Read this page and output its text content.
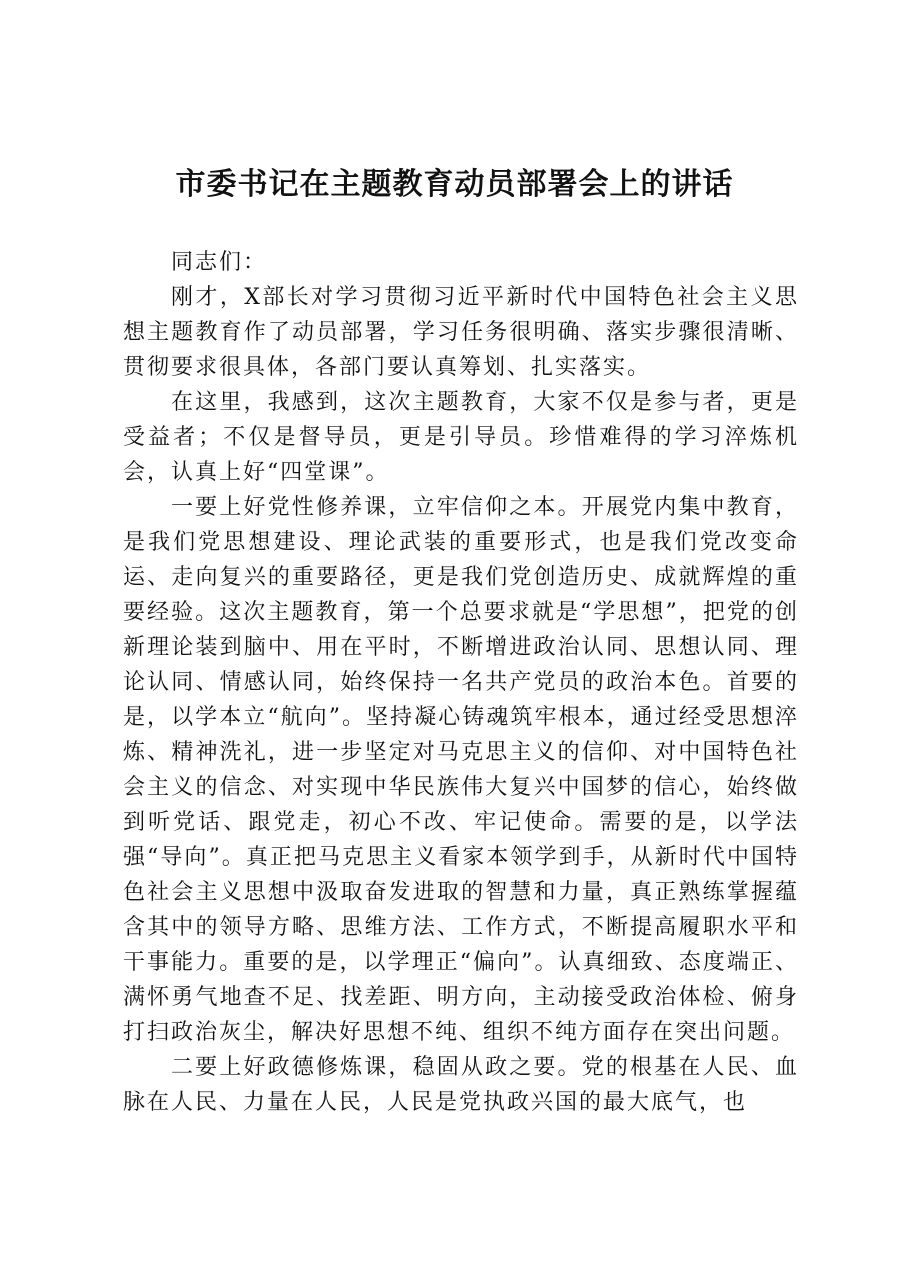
市委书记在主题教育动员部署会上的讲话

同志们：

刚才，X部长对学习贯彻习近平新时代中国特色社会主义思想主题教育作了动员部署，学习任务很明确、落实步骤很清晰、贯彻要求很具体，各部门要认真筹划、扎实落实。

在这里，我感到，这次主题教育，大家不仅是参与者，更是受益者；不仅是督导员，更是引导员。珍惜难得的学习淬炼机会，认真上好“四堂课”。

一要上好党性修养课，立牢信仰之本。开展党内集中教育，是我们党思想建设、理论武装的重要形式，也是我们党改变命运、走向复兴的重要路径，更是我们党创造历史、成就辉煌的重要经验。这次主题教育，第一个总要求就是“学思想”，把党的创新理论装到脑中、用在平时，不断增进政治认同、思想认同、理论认同、情感认同，始终保持一名共产党员的政治本色。首要的是，以学本立“航向”。坚持凝心铸魂筑牢根本，通过经受思想淬炼、精神洗礼，进一步坚定对马克思主义的信仰、对中国特色社会主义的信念、对实现中华民族伟大复兴中国梦的信心，始终做到听党话、跟党走，初心不改、牢记使命。需要的是，以学法强“导向”。真正把马克思主义看家本领学到手，从新时代中国特色社会主义思想中汲取奋发进取的智慧和力量，真正熟练掌握蕴含其中的领导方略、思维方法、工作方式，不断提高履职水平和干事能力。重要的是，以学理正“偏向”。认真细致、态度端正、满怀勇气地查不足、找差距、明方向，主动接受政治体检、俯身打扫政治灰尘，解决好思想不纯、组织不纯方面存在突出问题。

二要上好政德修炼课，稳固从政之要。党的根基在人民、血脉在人民、力量在人民，人民是党执政兴国的最大底气，也
